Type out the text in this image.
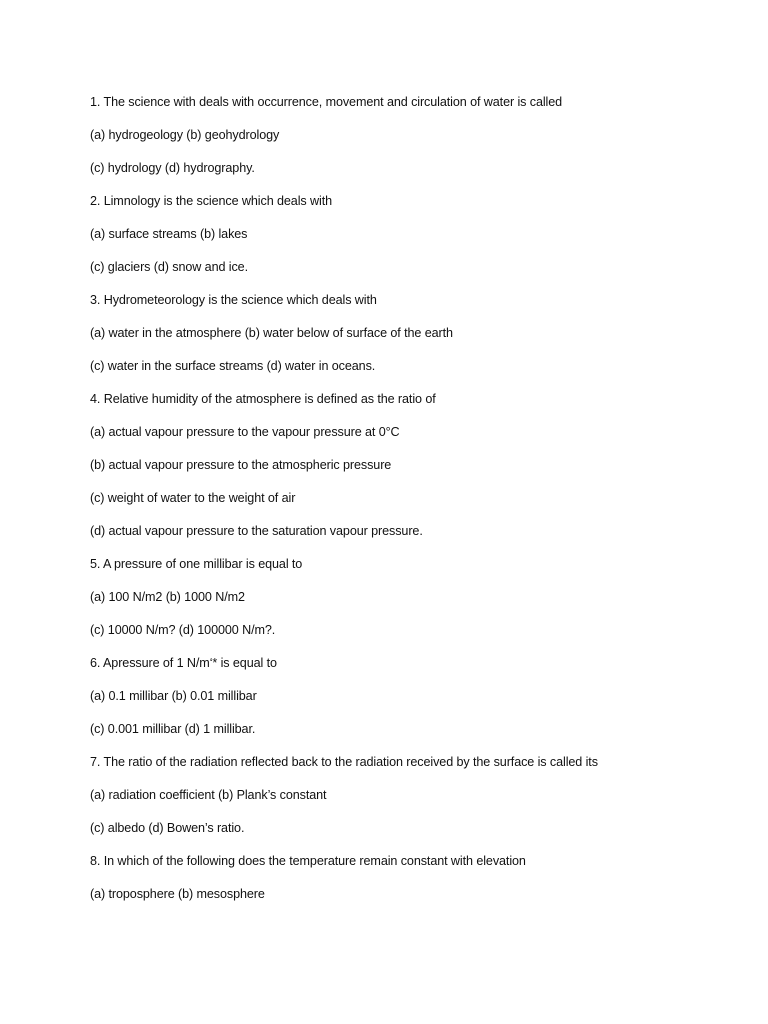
1. The science with deals with occurrence, movement and circulation of water is called
(a) hydrogeology (b) geohydrology
(c) hydrology (d) hydrography.
2. Limnology is the science which deals with
(a) surface streams (b) lakes
(c) glaciers (d) snow and ice.
3. Hydrometeorology is the science which deals with
(a) water in the atmosphere (b) water below of surface of the earth
(c) water in the surface streams (d) water in oceans.
4. Relative humidity of the atmosphere is defined as the ratio of
(a) actual vapour pressure to the vapour pressure at 0°C
(b) actual vapour pressure to the atmospheric pressure
(c) weight of water to the weight of air
(d) actual vapour pressure to the saturation vapour pressure.
5. A pressure of one millibar is equal to
(a) 100 N/m2 (b) 1000 N/m2
(c) 10000 N/m? (d) 100000 N/m?.
6. Apressure of 1 N/m‘* is equal to
(a) 0.1 millibar (b) 0.01 millibar
(c) 0.001 millibar (d) 1 millibar.
7. The ratio of the radiation reflected back to the radiation received by the surface is called its
(a) radiation coefficient (b) Plank’s constant
(c) albedo (d) Bowen’s ratio.
8. In which of the following does the temperature remain constant with elevation
(a) troposphere (b) mesosphere
